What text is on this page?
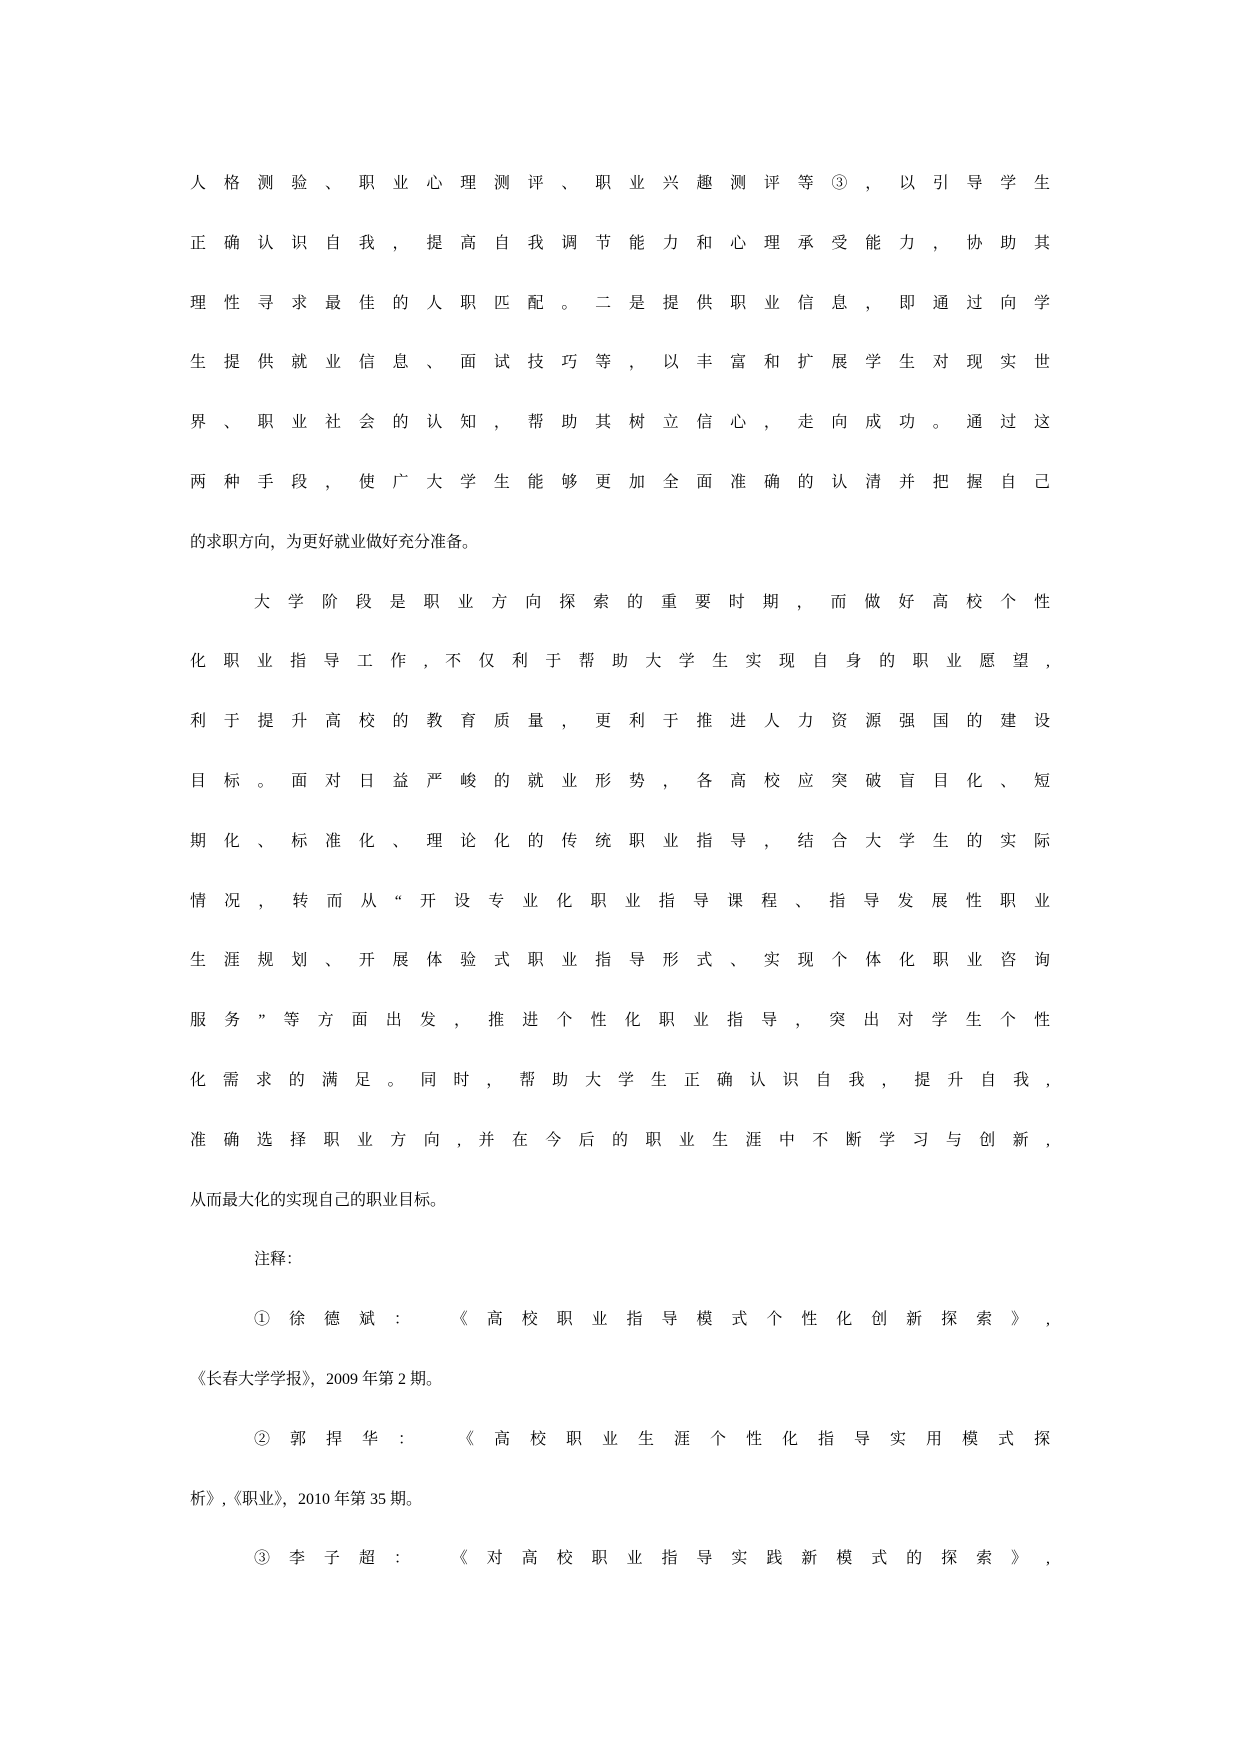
人格测验、职业心理测评、职业兴趣测评等③，以引导学生
正确认识自我，提高自我调节能力和心理承受能力，协助其
理性寻求最佳的人职匹配。二是提供职业信息，即通过向学
生提供就业信息、面试技巧等，以丰富和扩展学生对现实世
界、职业社会的认知，帮助其树立信心，走向成功。通过这
两种手段，使广大学生能够更加全面准确的认清并把握自己
的求职方向，为更好就业做好充分准备。
大学阶段是职业方向探索的重要时期，而做好高校个性
化职业指导工作,不仅利于帮助大学生实现自身的职业愿望,
利于提升高校的教育质量，更利于推进人力资源强国的建设
目标。面对日益严峻的就业形势，各高校应突破盲目化、短
期化、标准化、理论化的传统职业指导，结合大学生的实际
情况，转而从“开设专业化职业指导课程、指导发展性职业
生涯规划、开展体验式职业指导形式、实现个体化职业咨询
服务”等方面出发，推进个性化职业指导，突出对学生个性
化需求的满足。同时，帮助大学生正确认识自我，提升自我,
准确选择职业方向,并在今后的职业生涯中不断学习与创新,
从而最大化的实现自己的职业目标。
注释：
①徐德斌： 《高校职业指导模式个性化创新探索》,
《长春大学学报》，2009 年第 2 期。
②郭捍华： 《高校职业生涯个性化指导实用模式探
析》,《职业》，2010 年第 35 期。
③李子超： 《对高校职业指导实践新模式的探索》,
